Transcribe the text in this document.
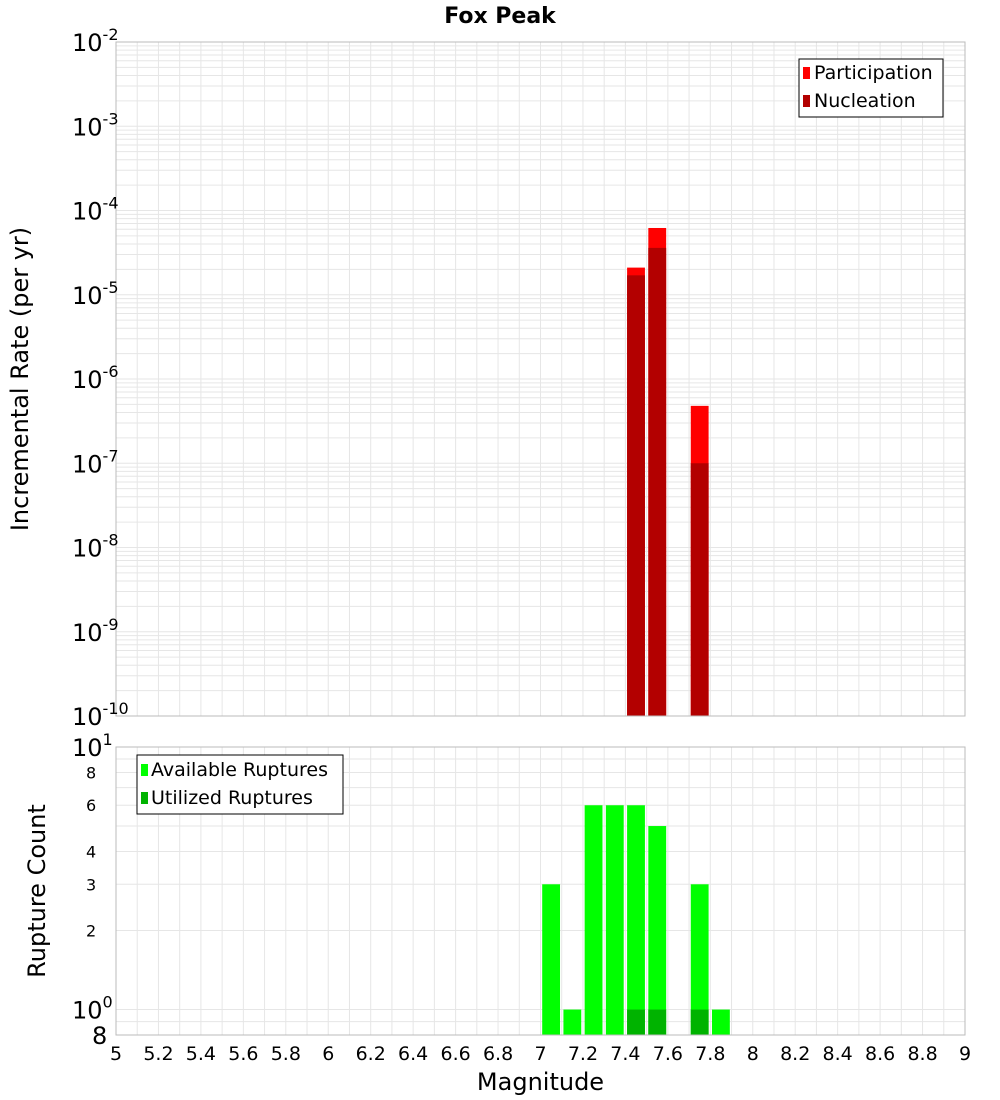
Fox Peak
$10^{-10}$
$10^{-9}$
$10^{-8}$
$10^{-7}$
$10^{-6}$
$10^{-5}$
$10^{-4}$
$10^{-3}$
$10^{-2}$
Incremental Rate (per yr)
Participation
Nucleation
8
$10^0$
2
3
4
6
8
$10^1$
Rupture Count
Available Ruptures
Utilized Ruptures
5 5.2 5.4 5.6 5.8 6 6.2 6.4 6.6 6.8 7 7.2 7.4 7.6 7.8 8 8.2 8.4 8.6 8.8 9
Magnitude
